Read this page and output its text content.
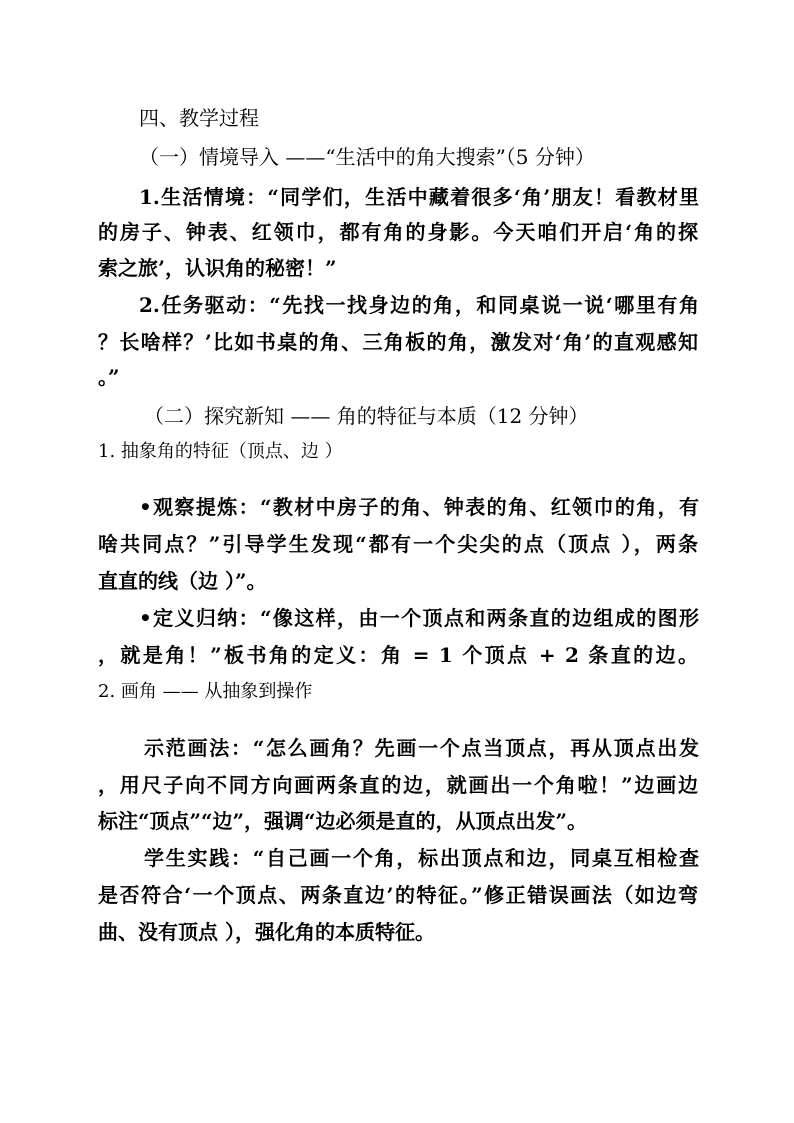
四、教学过程
（一）情境导入 ——“生活中的角大搜索”（5 分钟）
1.生活情境：“同学们，生活中藏着很多‘角’朋友！看教材里
的房子、钟表、红领巾，都有角的身影。今天咱们开启‘角的探
索之旅’，认识角的秘密！”
2.任务驱动：“先找一找身边的角，和同桌说一说‘哪里有角
？长啥样？’比如书桌的角、三角板的角，激发对‘角’的直观感知
。”
（二）探究新知 —— 角的特征与本质（12 分钟）
1. 抽象角的特征（顶点、边 ）
•观察提炼：“教材中房子的角、钟表的角、红领巾的角，有
啥共同点？”引导学生发现“都有一个尖尖的点（顶点 ），两条
直直的线（边 ）”。
•定义归纳：“像这样，由一个顶点和两条直的边组成的图形
，就是角！”板书角的定义：角 = 1 个顶点 + 2 条直的边。
2. 画角 —— 从抽象到操作
示范画法：“怎么画角？先画一个点当顶点，再从顶点出发
，用尺子向不同方向画两条直的边，就画出一个角啦！”边画边
标注“顶点”“边”，强调“边必须是直的，从顶点出发”。
学生实践：“自己画一个角，标出顶点和边，同桌互相检查
是否符合‘一个顶点、两条直边’的特征。”修正错误画法（如边弯
曲、没有顶点 ），强化角的本质特征。
